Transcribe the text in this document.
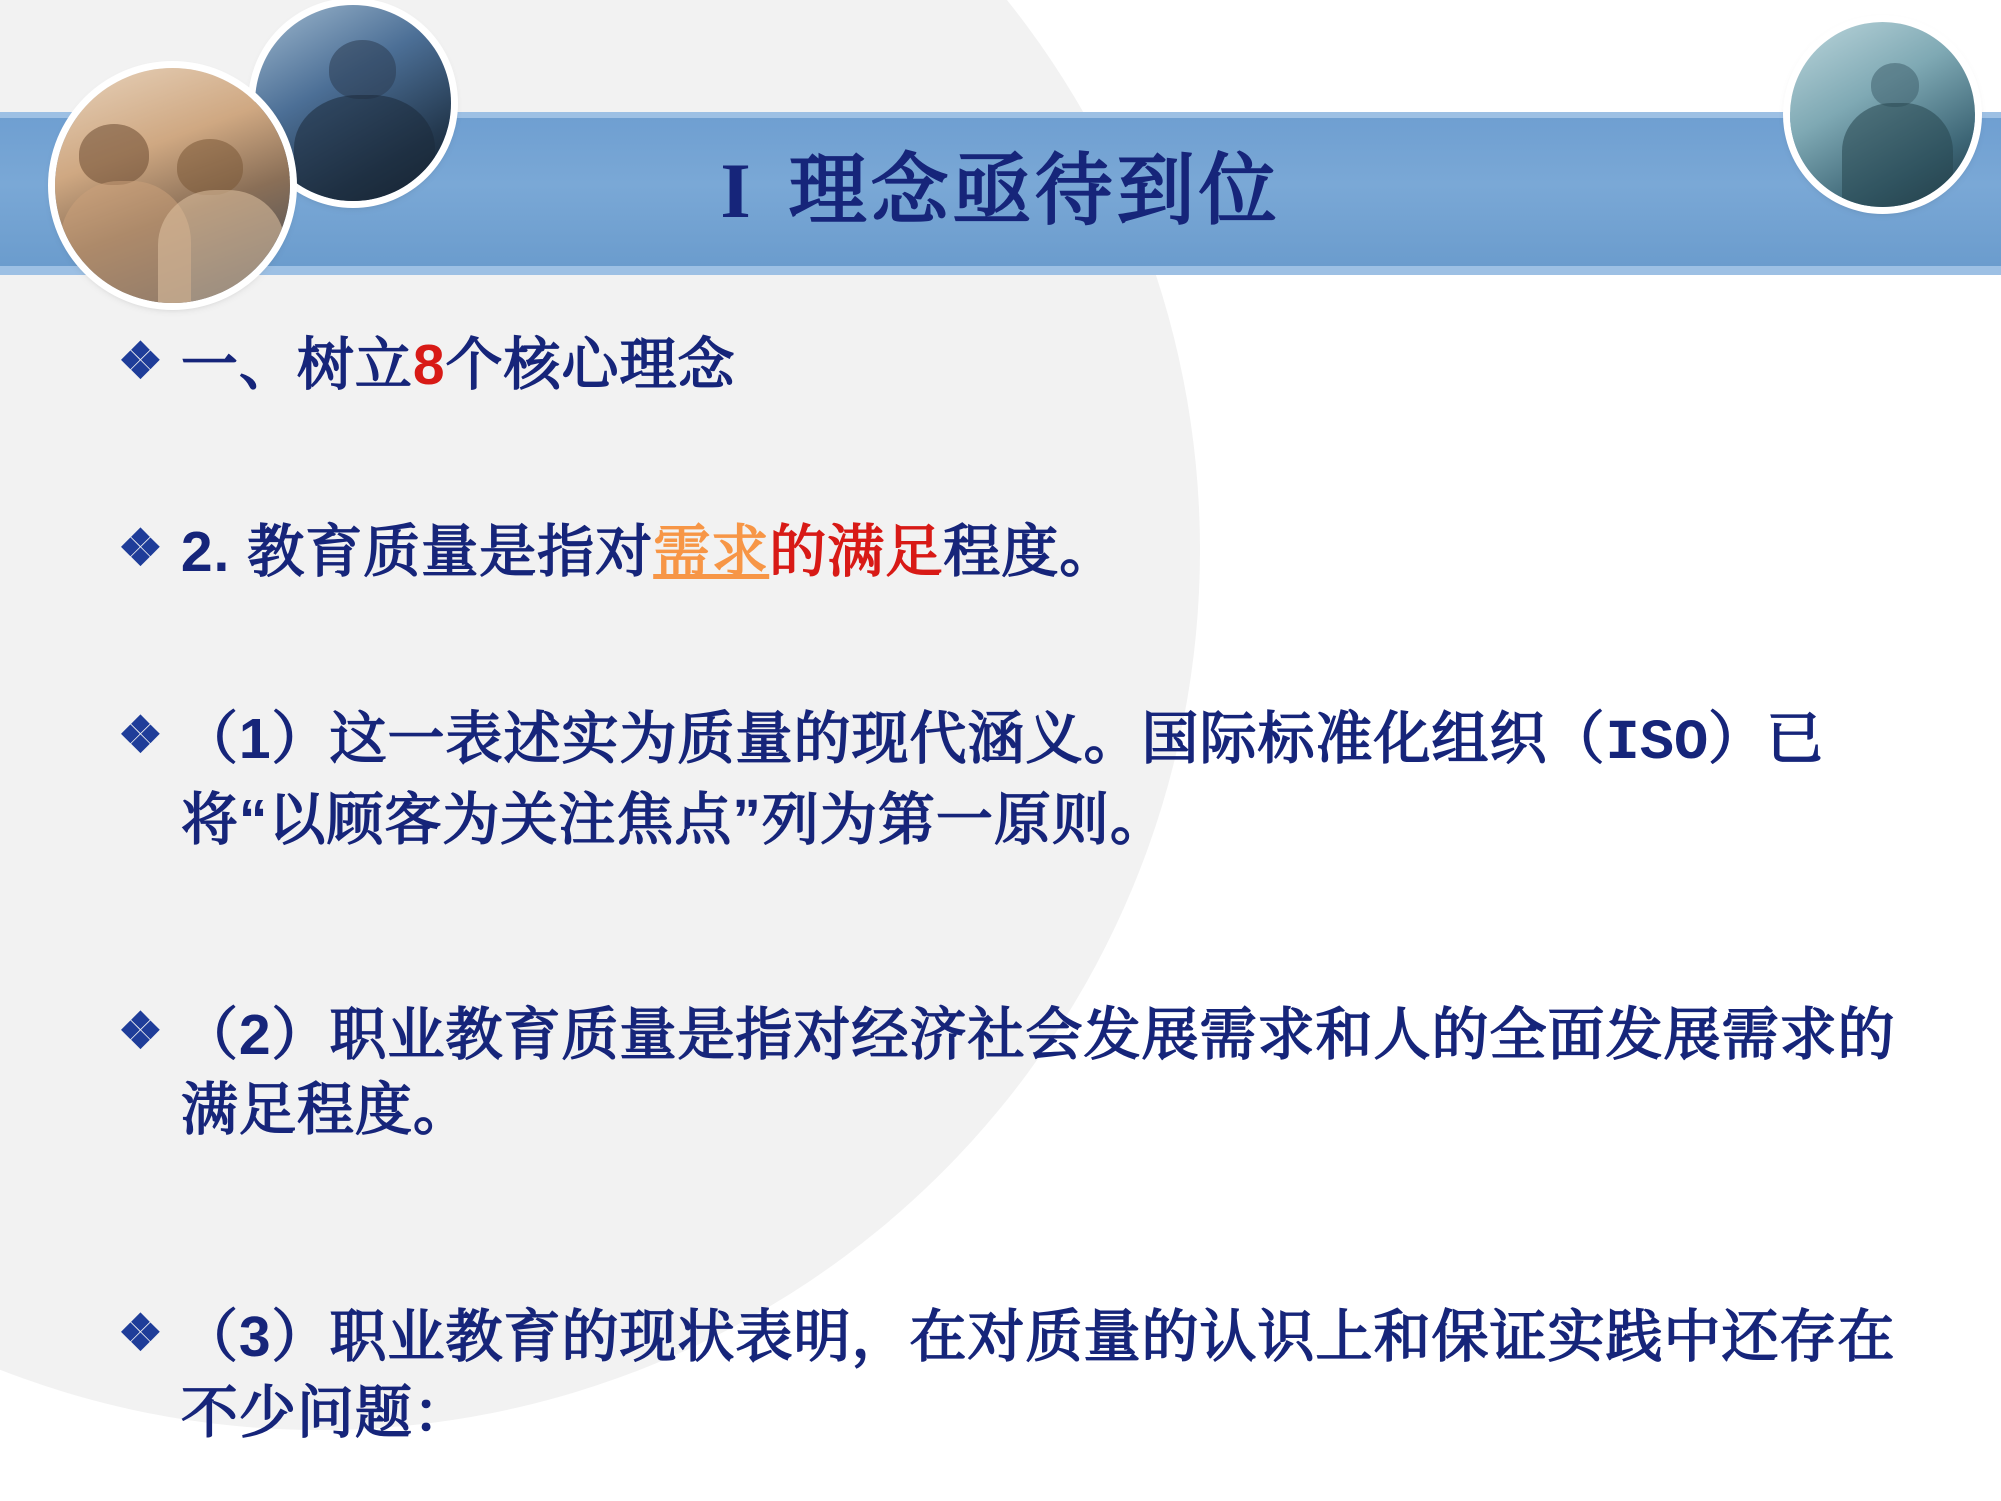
I 理念亟待到位
❖ 一、树立8个核心理念
❖ 2. 教育质量是指对需求的满足程度。
❖ （1）这一表述实为质量的现代涵义。国际标准化组织（ISO）已将“以顾客为关注焦点”列为第一原则。
❖ （2）职业教育质量是指对经济社会发展需求和人的全面发展需求的满足程度。
❖ （3）职业教育的现状表明，在对质量的认识上和保证实践中还存在不少问题：
